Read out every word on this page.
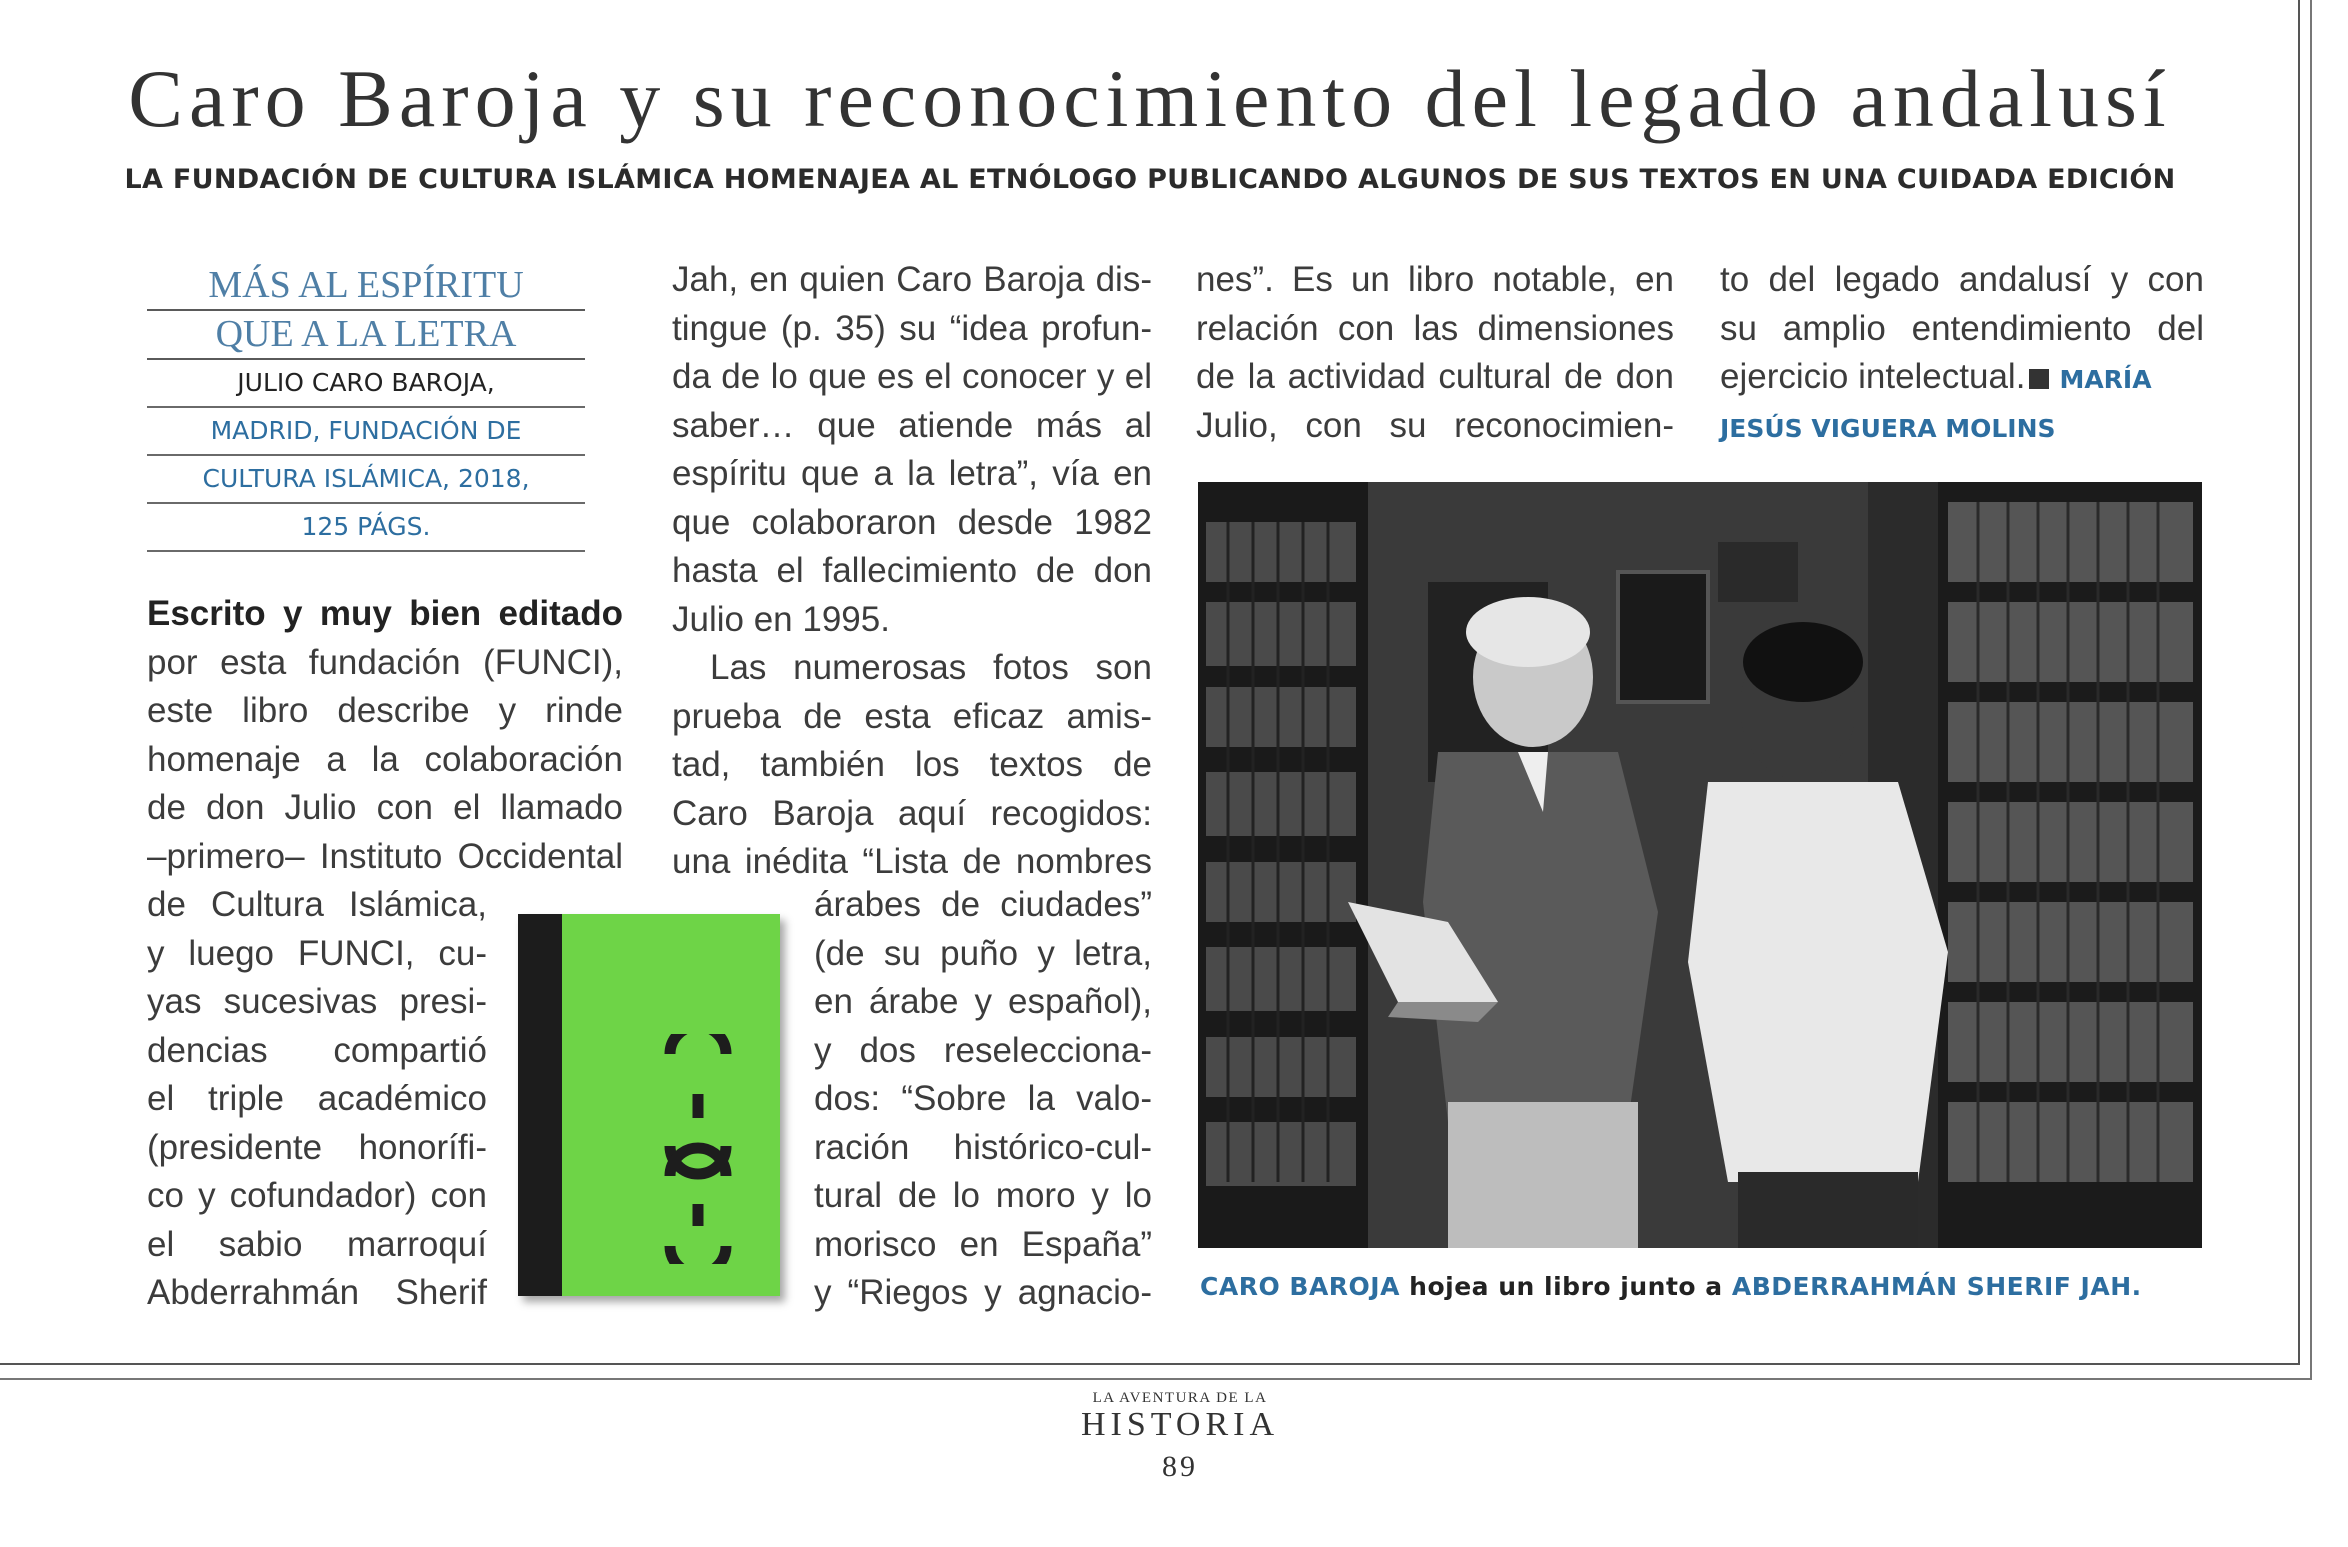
Caro Baroja y su reconocimiento del legado andalusí
LA FUNDACIÓN DE CULTURA ISLÁMICA HOMENAJEA AL ETNÓLOGO PUBLICANDO ALGUNOS DE SUS TEXTOS EN UNA CUIDADA EDICIÓN
MÁS AL ESPÍRITU
QUE A LA LETRA
JULIO CARO BAROJA,
MADRID, FUNDACIÓN DE
CULTURA ISLÁMICA, 2018,
125 PÁGS.
Escrito y muy bien editado
por esta fundación (FUNCI),
este libro describe y rinde
homenaje a la colaboración
de don Julio con el llamado
–primero– Instituto Occidental
de Cultura Islámica,
y luego FUNCI, cu-
yas sucesivas presi-
dencias compartió
el triple académico
(presidente honorífi-
co y cofundador) con
el sabio marroquí
Abderrahmán Sherif
Jah, en quien Caro Baroja dis-
tingue (p. 35) su “idea profun-
da de lo que es el conocer y el
saber… que atiende más al
espíritu que a la letra”, vía en
que colaboraron desde 1982
hasta el fallecimiento de don
Julio en 1995.
Las numerosas fotos son
prueba de esta eficaz amis-
tad, también los textos de
Caro Baroja aquí recogidos:
una inédita “Lista de nombres
árabes de ciudades”
(de su puño y letra,
en árabe y español),
y dos reselecciona-
dos: “Sobre la valo-
ración histórico-cul-
tural de lo moro y lo
morisco en España”
y “Riegos y agnacio-
nes”. Es un libro notable, en
relación con las dimensiones
de la actividad cultural de don
Julio, con su reconocimien-
to del legado andalusí y con
su amplio entendimiento del
ejercicio intelectual. MARÍA
JESÚS VIGUERA MOLINS
CARO BAROJA hojea un libro junto a ABDERRAHMÁN SHERIF JAH.
LA AVENTURA DE LA
HISTORIA
89
